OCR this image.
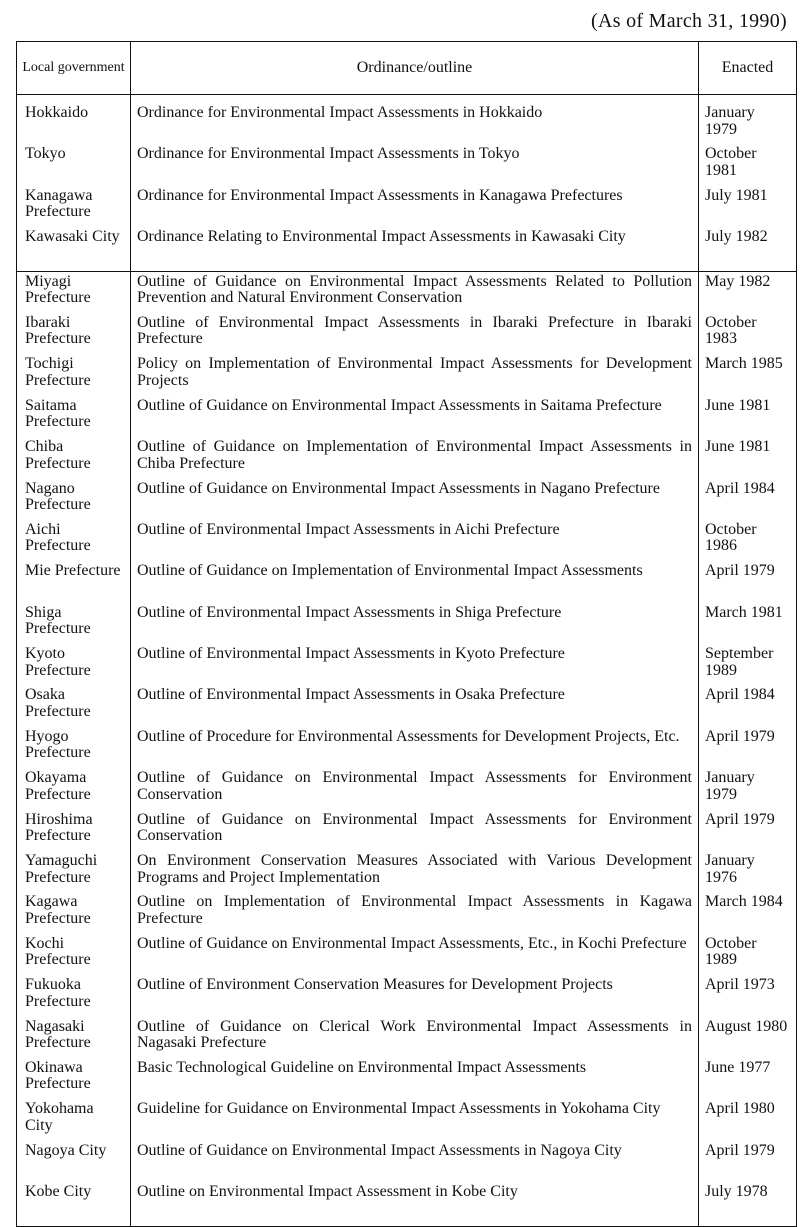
(As of March 31, 1990)
Local government	Ordinance/outline	Enacted
Hokkaido	Ordinance for Environmental Impact Assessments in Hokkaido	January 1979
Tokyo	Ordinance for Environmental Impact Assessments in Tokyo	October 1981
Kanagawa Prefecture	Ordinance for Environmental Impact Assessments in Kanagawa Prefectures	July 1981
Kawasaki City	Ordinance Relating to Environmental Impact Assessments in Kawasaki City	July 1982
Miyagi Prefecture	Outline of Guidance on Environmental Impact Assessments Related to Pollution Prevention and Natural Environment Conservation	May 1982
Ibaraki Prefecture	Outline of Environmental Impact Assessments in Ibaraki Prefecture in Ibaraki Prefecture	October 1983
Tochigi Prefecture	Policy on Implementation of Environmental Impact Assessments for Development Projects	March 1985
Saitama Prefecture	Outline of Guidance on Environmental Impact Assessments in Saitama Prefecture	June 1981
Chiba Prefecture	Outline of Guidance on Implementation of Environmental Impact Assessments in Chiba Prefecture	June 1981
Nagano Prefecture	Outline of Guidance on Environmental Impact Assessments in Nagano Prefecture	April 1984
Aichi Prefecture	Outline of Environmental Impact Assessments in Aichi Prefecture	October 1986
Mie Prefecture	Outline of Guidance on Implementation of Environmental Impact Assessments	April 1979
Shiga Prefecture	Outline of Environmental Impact Assessments in Shiga Prefecture	March 1981
Kyoto Prefecture	Outline of Environmental Impact Assessments in Kyoto Prefecture	September 1989
Osaka Prefecture	Outline of Environmental Impact Assessments in Osaka Prefecture	April 1984
Hyogo Prefecture	Outline of Procedure for Environmental Assessments for Development Projects, Etc.	April 1979
Okayama Prefecture	Outline of Guidance on Environmental Impact Assessments for Environment Conservation	January 1979
Hiroshima Prefecture	Outline of Guidance on Environmental Impact Assessments for Environment Conservation	April 1979
Yamaguchi Prefecture	On Environment Conservation Measures Associated with Various Development Programs and Project Implementation	January 1976
Kagawa Prefecture	Outline on Implementation of Environmental Impact Assessments in Kagawa Prefecture	March 1984
Kochi Prefecture	Outline of Guidance on Environmental Impact Assessments, Etc., in Kochi Prefecture	October 1989
Fukuoka Prefecture	Outline of Environment Conservation Measures for Development Projects	April 1973
Nagasaki Prefecture	Outline of Guidance on Clerical Work Environmental Impact Assessments in Nagasaki Prefecture	August 1980
Okinawa Prefecture	Basic Technological Guideline on Environmental Impact Assessments	June 1977
Yokohama City	Guideline for Guidance on Environmental Impact Assessments in Yokohama City	April 1980
Nagoya City	Outline of Guidance on Environmental Impact Assessments in Nagoya City	April 1979
Kobe City	Outline on Environmental Impact Assessment in Kobe City	July 1978
